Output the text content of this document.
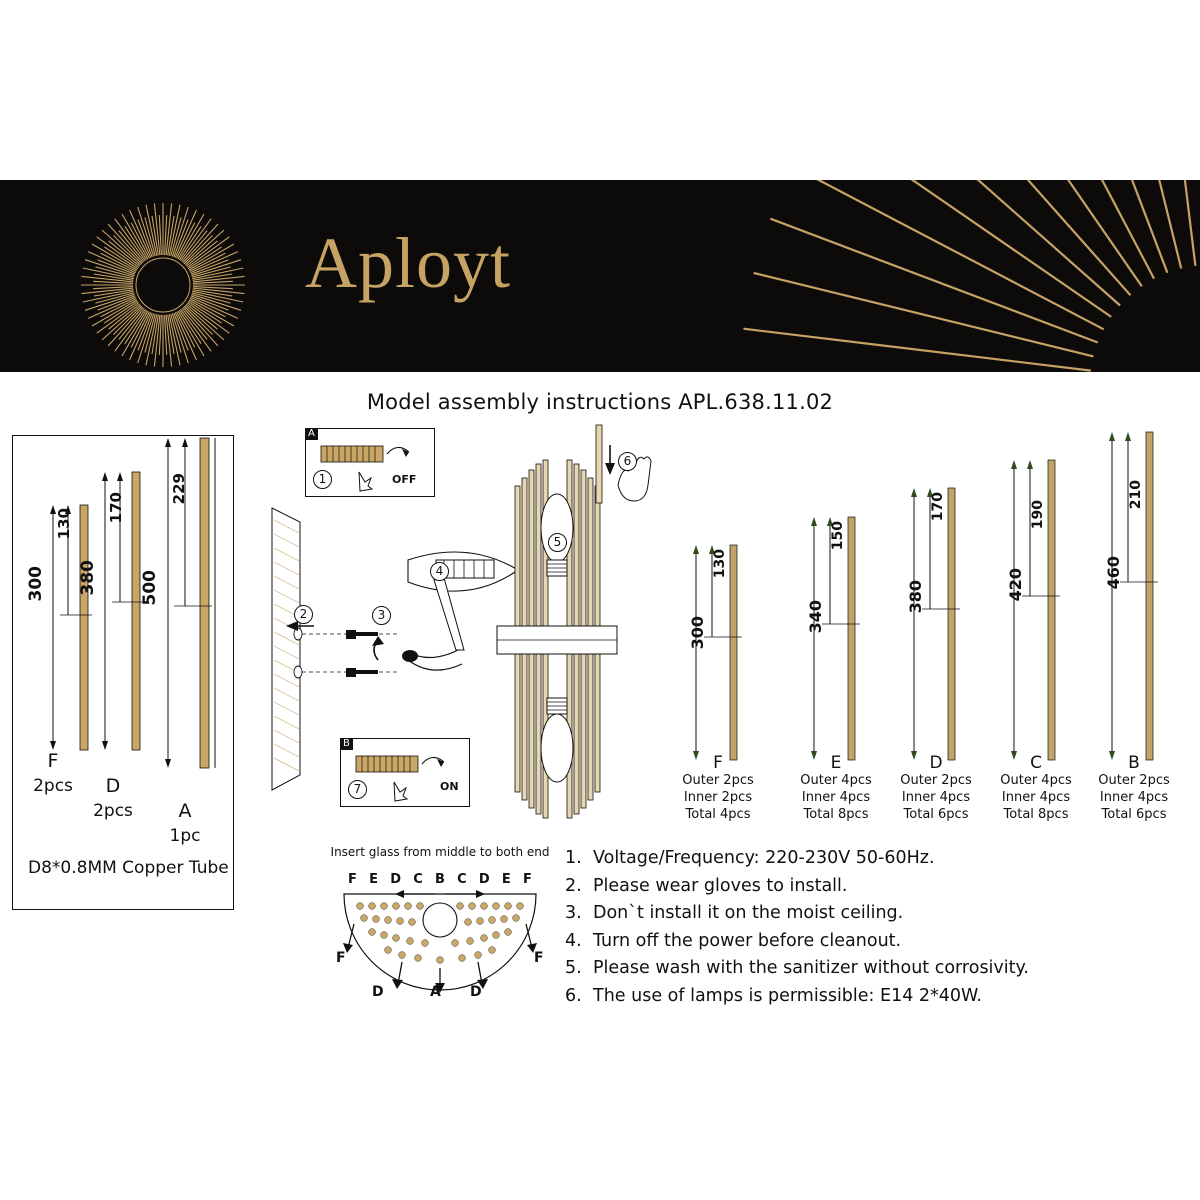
Aployt
Model assembly instructions APL.638.11.02
300
130
F
2pcs
380
170
D
2pcs
500
229
A
1pc
D8*0.8MM Copper Tube
A
1	OFF
B
7	ON
2	3
4
5
6
300
130
F
Outer 2pcs
Inner 2pcs
Total 4pcs
340
150
E
Outer 4pcs
Inner 4pcs
Total 8pcs
380
170
D
Outer 2pcs
Inner 4pcs
Total 6pcs
420
190
C
Outer 4pcs
Inner 4pcs
Total 8pcs
460
210
B
Outer 2pcs
Inner 4pcs
Total 6pcs
Insert glass from middle to both end
F E D C B C D E F
F	F
D	A D
1. Voltage/Frequency: 220-230V 50-60Hz.
2. Please wear gloves to install.
3. Don`t install it on the moist ceiling.
4. Turn off the power before cleanout.
5. Please wash with the sanitizer without corrosivity.
6. The use of lamps is permissible: E14 2*40W.
